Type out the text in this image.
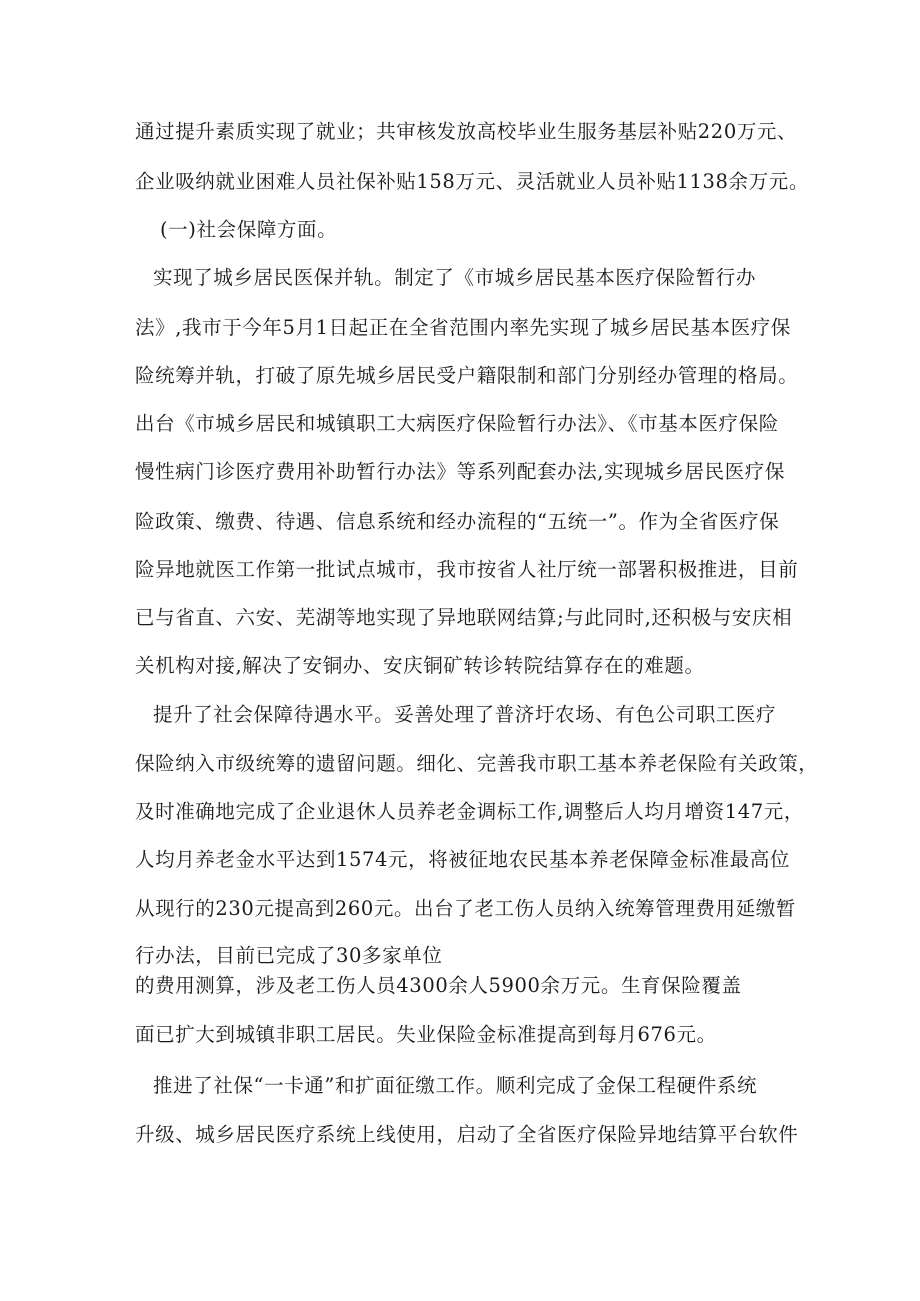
通过提升素质实现了就业；共审核发放高校毕业生服务基层补贴220万元、
企业吸纳就业困难人员社保补贴158万元、灵活就业人员补贴1138余万元。
(一)社会保障方面。
实现了城乡居民医保并轨。制定了《市城乡居民基本医疗保险暂行办
法》,我市于今年5月1日起正在全省范围内率先实现了城乡居民基本医疗保
险统筹并轨，打破了原先城乡居民受户籍限制和部门分别经办管理的格局。
出台《市城乡居民和城镇职工大病医疗保险暂行办法》、《市基本医疗保险
慢性病门诊医疗费用补助暂行办法》等系列配套办法,实现城乡居民医疗保
险政策、缴费、待遇、信息系统和经办流程的“五统一”。作为全省医疗保
险异地就医工作第一批试点城市，我市按省人社厅统一部署积极推进，目前
已与省直、六安、芜湖等地实现了异地联网结算;与此同时,还积极与安庆相
关机构对接,解决了安铜办、安庆铜矿转诊转院结算存在的难题。
提升了社会保障待遇水平。妥善处理了普济圩农场、有色公司职工医疗
保险纳入市级统筹的遗留问题。细化、完善我市职工基本养老保险有关政策，
及时准确地完成了企业退休人员养老金调标工作,调整后人均月增资147元，
人均月养老金水平达到1574元，将被征地农民基本养老保障金标准最高位
从现行的230元提高到260元。出台了老工伤人员纳入统筹管理费用延缴暂
行办法，目前已完成了30多家单位
的费用测算，涉及老工伤人员4300余人5900余万元。生育保险覆盖
面已扩大到城镇非职工居民。失业保险金标准提高到每月676元。
推进了社保“一卡通”和扩面征缴工作。顺利完成了金保工程硬件系统
升级、城乡居民医疗系统上线使用，启动了全省医疗保险异地结算平台软件
